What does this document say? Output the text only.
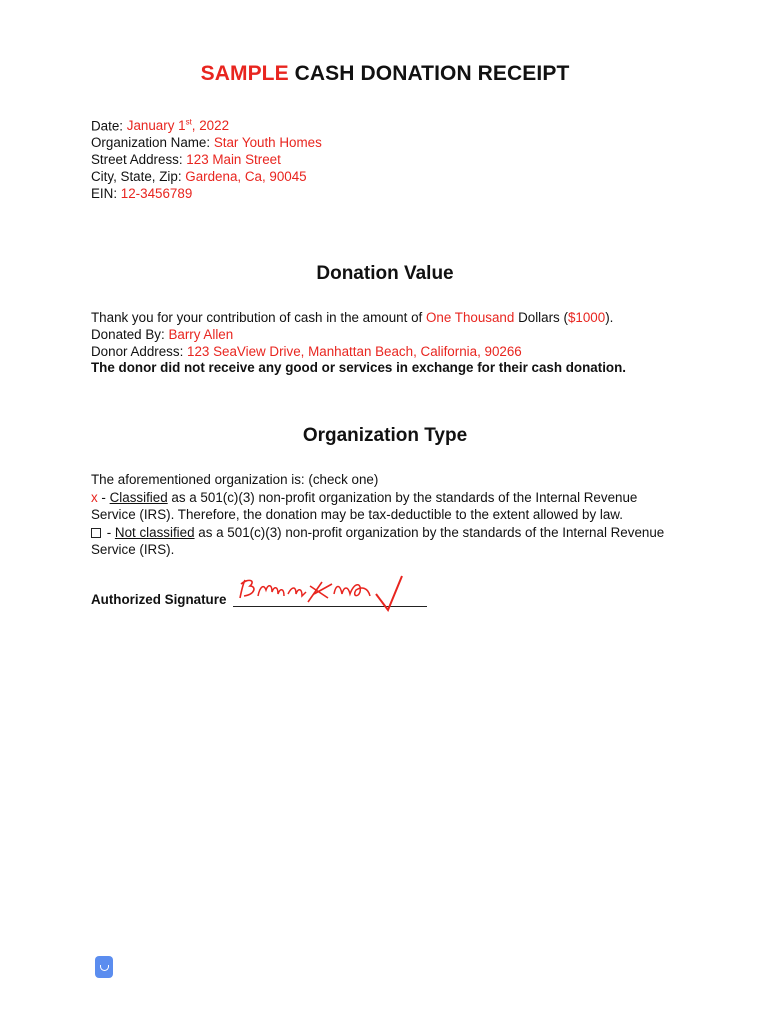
SAMPLE CASH DONATION RECEIPT
Date: January 1st, 2022
Organization Name: Star Youth Homes
Street Address: 123 Main Street
City, State, Zip: Gardena, Ca, 90045
EIN: 12-3456789
Donation Value
Thank you for your contribution of cash in the amount of One Thousand Dollars ($1000).
Donated By: Barry Allen
Donor Address: 123 SeaView Drive, Manhattan Beach, California, 90266
The donor did not receive any good or services in exchange for their cash donation.
Organization Type
The aforementioned organization is: (check one)
x - Classified as a 501(c)(3) non-profit organization by the standards of the Internal Revenue Service (IRS). Therefore, the donation may be tax-deductible to the extent allowed by law.
- Not classified as a 501(c)(3) non-profit organization by the standards of the Internal Revenue Service (IRS).
Authorized Signature
